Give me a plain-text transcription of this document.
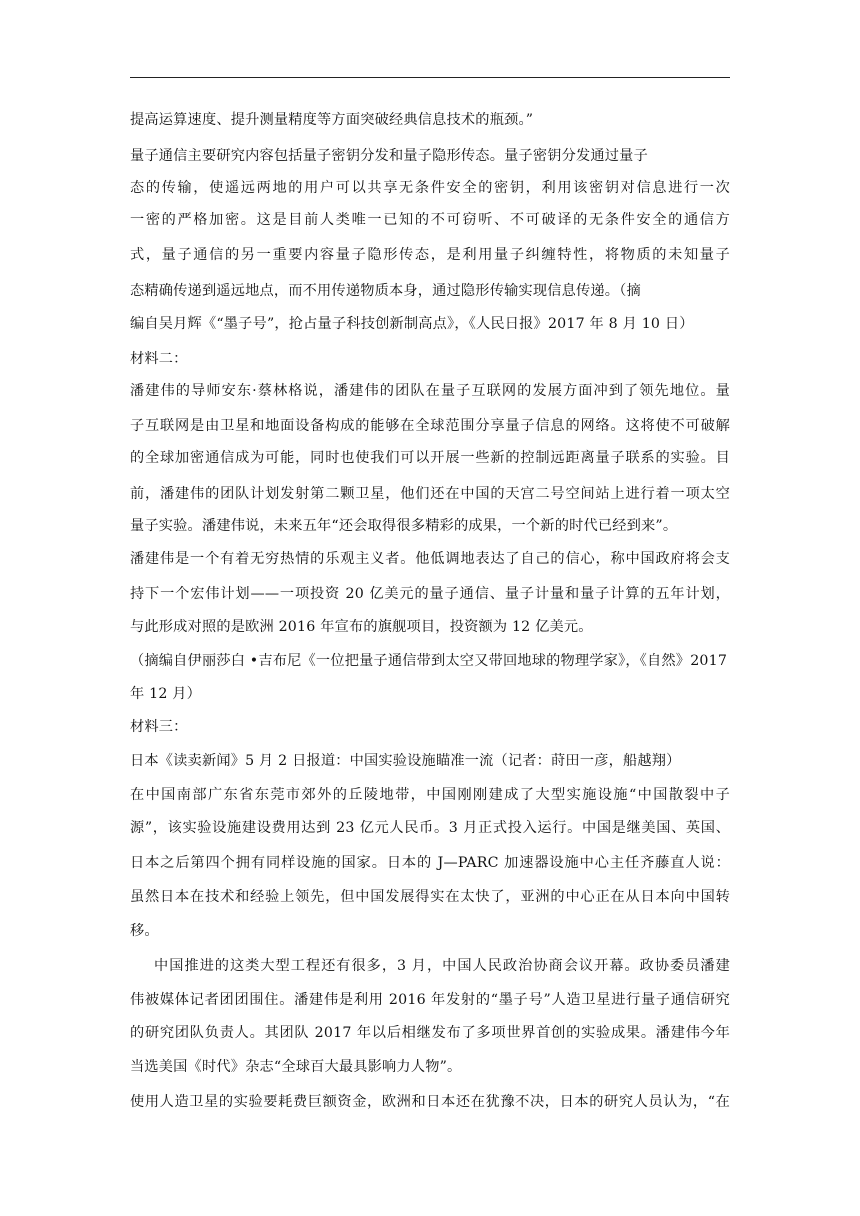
提高运算速度、提升测量精度等方面突破经典信息技术的瓶颈。”
量子通信主要研究内容包括量子密钥分发和量子隐形传态。量子密钥分发通过量子
态的传输，使遥远两地的用户可以共享无条件安全的密钥，利用该密钥对信息进行一次
一密的严格加密。这是目前人类唯一已知的不可窃听、不可破译的无条件安全的通信方
式，量子通信的另一重要内容量子隐形传态，是利用量子纠缠特性，将物质的未知量子
态精确传递到遥远地点，而不用传递物质本身，通过隐形传输实现信息传递。（摘
编自吴月辉《“墨子号”，抢占量子科技创新制高点》，《人民日报》2017 年 8 月 10 日）
材料二：
潘建伟的导师安东·蔡林格说，潘建伟的团队在量子互联网的发展方面冲到了领先地位。量
子互联网是由卫星和地面设备构成的能够在全球范围分享量子信息的网络。这将使不可破解
的全球加密通信成为可能，同时也使我们可以开展一些新的控制远距离量子联系的实验。目
前，潘建伟的团队计划发射第二颗卫星，他们还在中国的天宫二号空间站上进行着一项太空
量子实验。潘建伟说，未来五年“还会取得很多精彩的成果，一个新的时代已经到来”。
潘建伟是一个有着无穷热情的乐观主义者。他低调地表达了自己的信心，称中国政府将会支
持下一个宏伟计划——一项投资 20 亿美元的量子通信、量子计量和量子计算的五年计划，
与此形成对照的是欧洲 2016 年宣布的旗舰项目，投资额为 12 亿美元。
（摘编自伊丽莎白 •吉布尼《一位把量子通信带到太空又带回地球的物理学家》，《自然》2017
年 12 月）
材料三：
日本《读卖新闻》5 月 2 日报道：中国实验设施瞄准一流（记者：莳田一彦，船越翔）
在中国南部广东省东莞市郊外的丘陵地带，中国刚刚建成了大型实施设施“中国散裂中子
源”，该实验设施建设费用达到 23 亿元人民币。3 月正式投入运行。中国是继美国、英国、
日本之后第四个拥有同样设施的国家。日本的 J—PARC 加速器设施中心主任齐藤直人说：
虽然日本在技术和经验上领先，但中国发展得实在太快了，亚洲的中心正在从日本向中国转
移。
中国推进的这类大型工程还有很多，3 月，中国人民政治协商会议开幕。政协委员潘建
伟被媒体记者团团围住。潘建伟是利用 2016 年发射的“墨子号”人造卫星进行量子通信研究
的研究团队负责人。其团队 2017 年以后相继发布了多项世界首创的实验成果。潘建伟今年
当选美国《时代》杂志“全球百大最具影响力人物”。
使用人造卫星的实验要耗费巨额资金，欧洲和日本还在犹豫不决，日本的研究人员认为，“在
